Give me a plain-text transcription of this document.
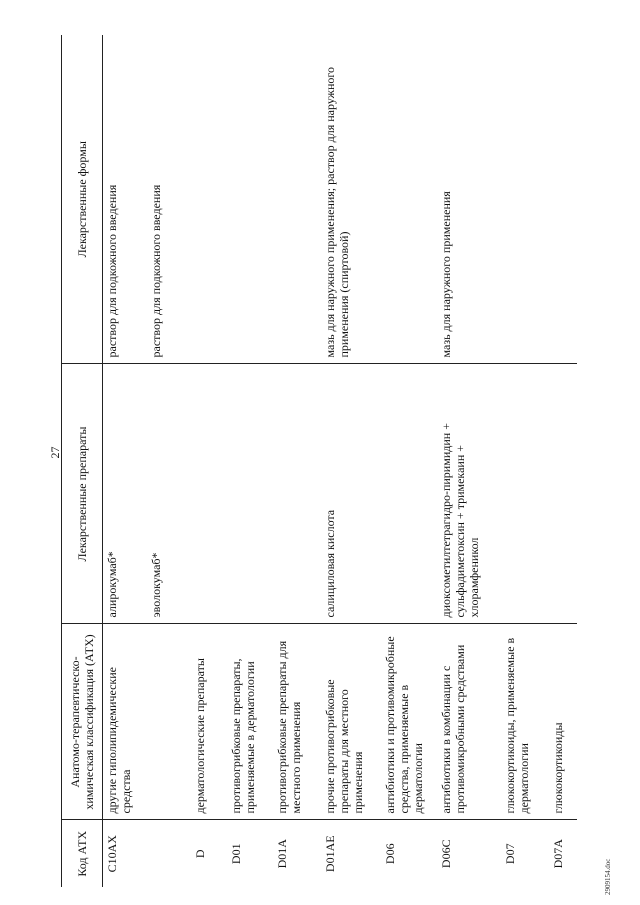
27
Код АТХ	Анатомо-терапевтическо-химическая классификация (АТХ)	Лекарственные препараты	Лекарственные формы
C10AX	другие гиполипидемические средства	алирокумаб*	раствор для подкожного введения
		эволокумаб*	раствор для подкожного введения
D	дерматологические препараты		
D01	противогрибковые препараты, применяемые в дерматологии		
D01A	противогрибковые препараты для местного применения		
D01AE	прочие противогрибковые препараты для местного применения	салициловая кислота	мазь для наружного применения; раствор для наружного применения (спиртовой)
D06	антибиотики и противомикробные средства, применяемые в дерматологии		
D06C	антибиотики в комбинации с противомикробными средствами	диоксометилтетрагидро-пиримидин + сульфадиметоксин + тримекаин + хлорамфеникол	мазь для наружного применения
D07	глюкокортикоиды, применяемые в дерматологии		
D07A	глюкокортикоиды		
2909154.doc
